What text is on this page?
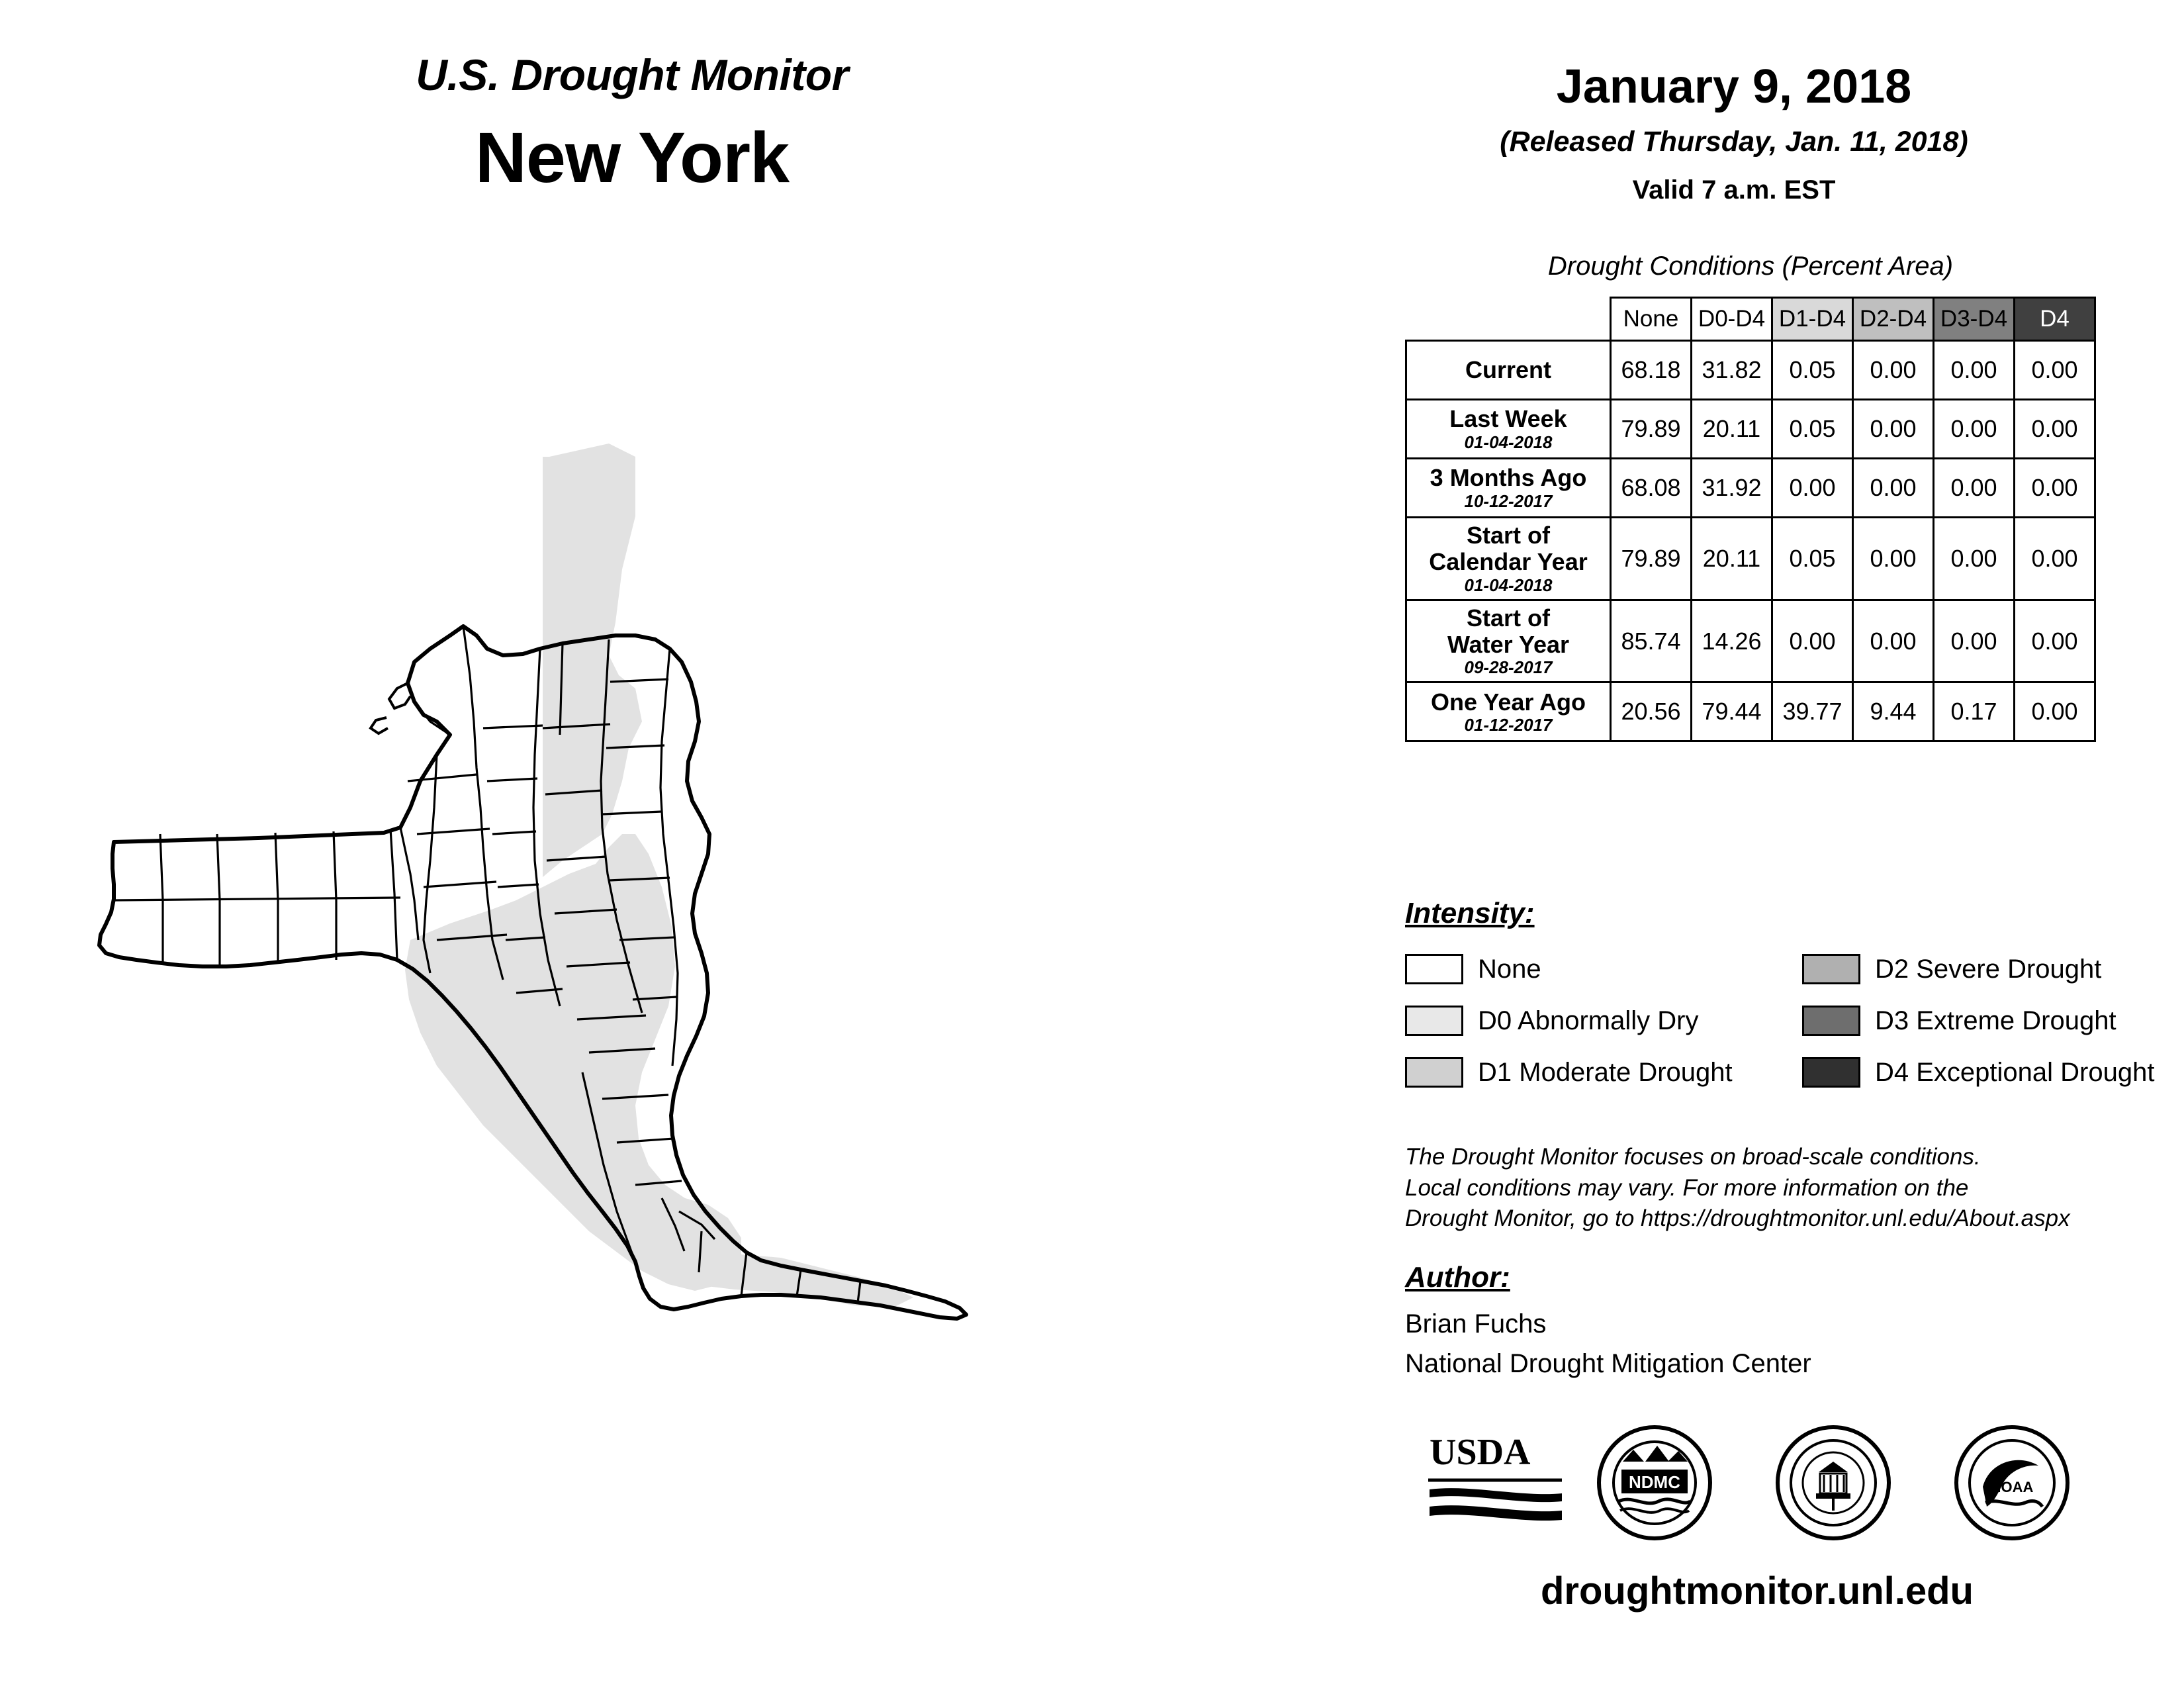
U.S. Drought Monitor
New York
January 9, 2018
(Released Thursday, Jan. 11, 2018)
Valid 7 a.m. EST
Drought Conditions (Percent Area)
	None	D0-D4	D1-D4	D2-D4	D3-D4	D4

Current	68.18	31.82	0.05	0.00	0.00	0.00

Last Week
01-04-2018	79.89	20.11	0.05	0.00	0.00	0.00

3 Months Ago
10-12-2017	68.08	31.92	0.00	0.00	0.00	0.00

Start of
Calendar Year
01-04-2018	79.89	20.11	0.05	0.00	0.00	0.00

Start of
Water Year
09-28-2017	85.74	14.26	0.00	0.00	0.00	0.00

One Year Ago
01-12-2017	20.56	79.44	39.77	9.44	0.17	0.00
Intensity:
None
D0 Abnormally Dry
D1 Moderate Drought
D2 Severe Drought
D3 Extreme Drought
D4 Exceptional Drought
The Drought Monitor focuses on broad-scale conditions.
Local conditions may vary. For more information on the
Drought Monitor, go to https://droughtmonitor.unl.edu/About.aspx
Author:
Brian Fuchs
National Drought Mitigation Center
USDA
NDMC	NOAA
droughtmonitor.unl.edu
